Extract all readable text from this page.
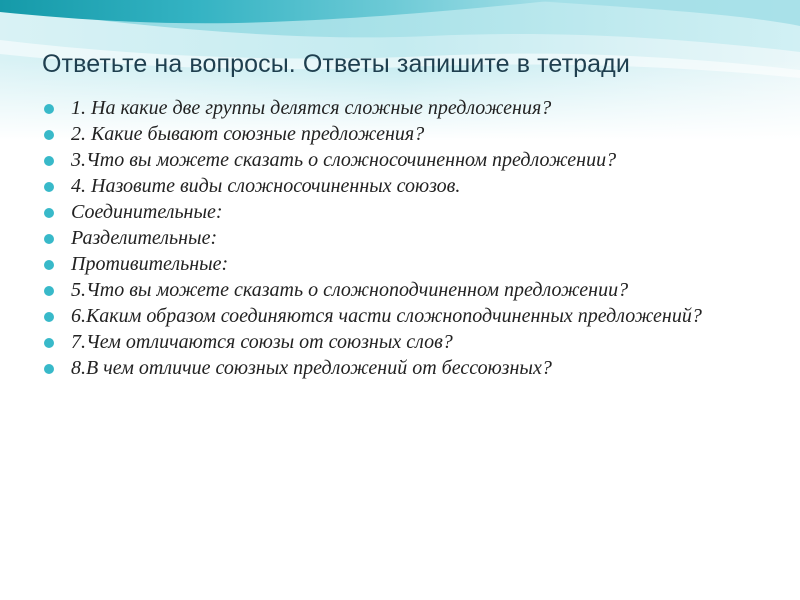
Ответьте на вопросы. Ответы запишите в тетради
1. На какие две группы делятся сложные предложения?
2. Какие бывают союзные предложения?
3.Что вы можете сказать о сложносочиненном предложении?
4. Назовите виды сложносочиненных союзов.
Соединительные:
Разделительные:
Противительные:
5.Что вы можете сказать о сложноподчиненном предложении?
6.Каким образом соединяются части сложноподчиненных предложений?
7.Чем отличаются союзы от союзных слов?
8.В чем отличие союзных предложений от бессоюзных?
